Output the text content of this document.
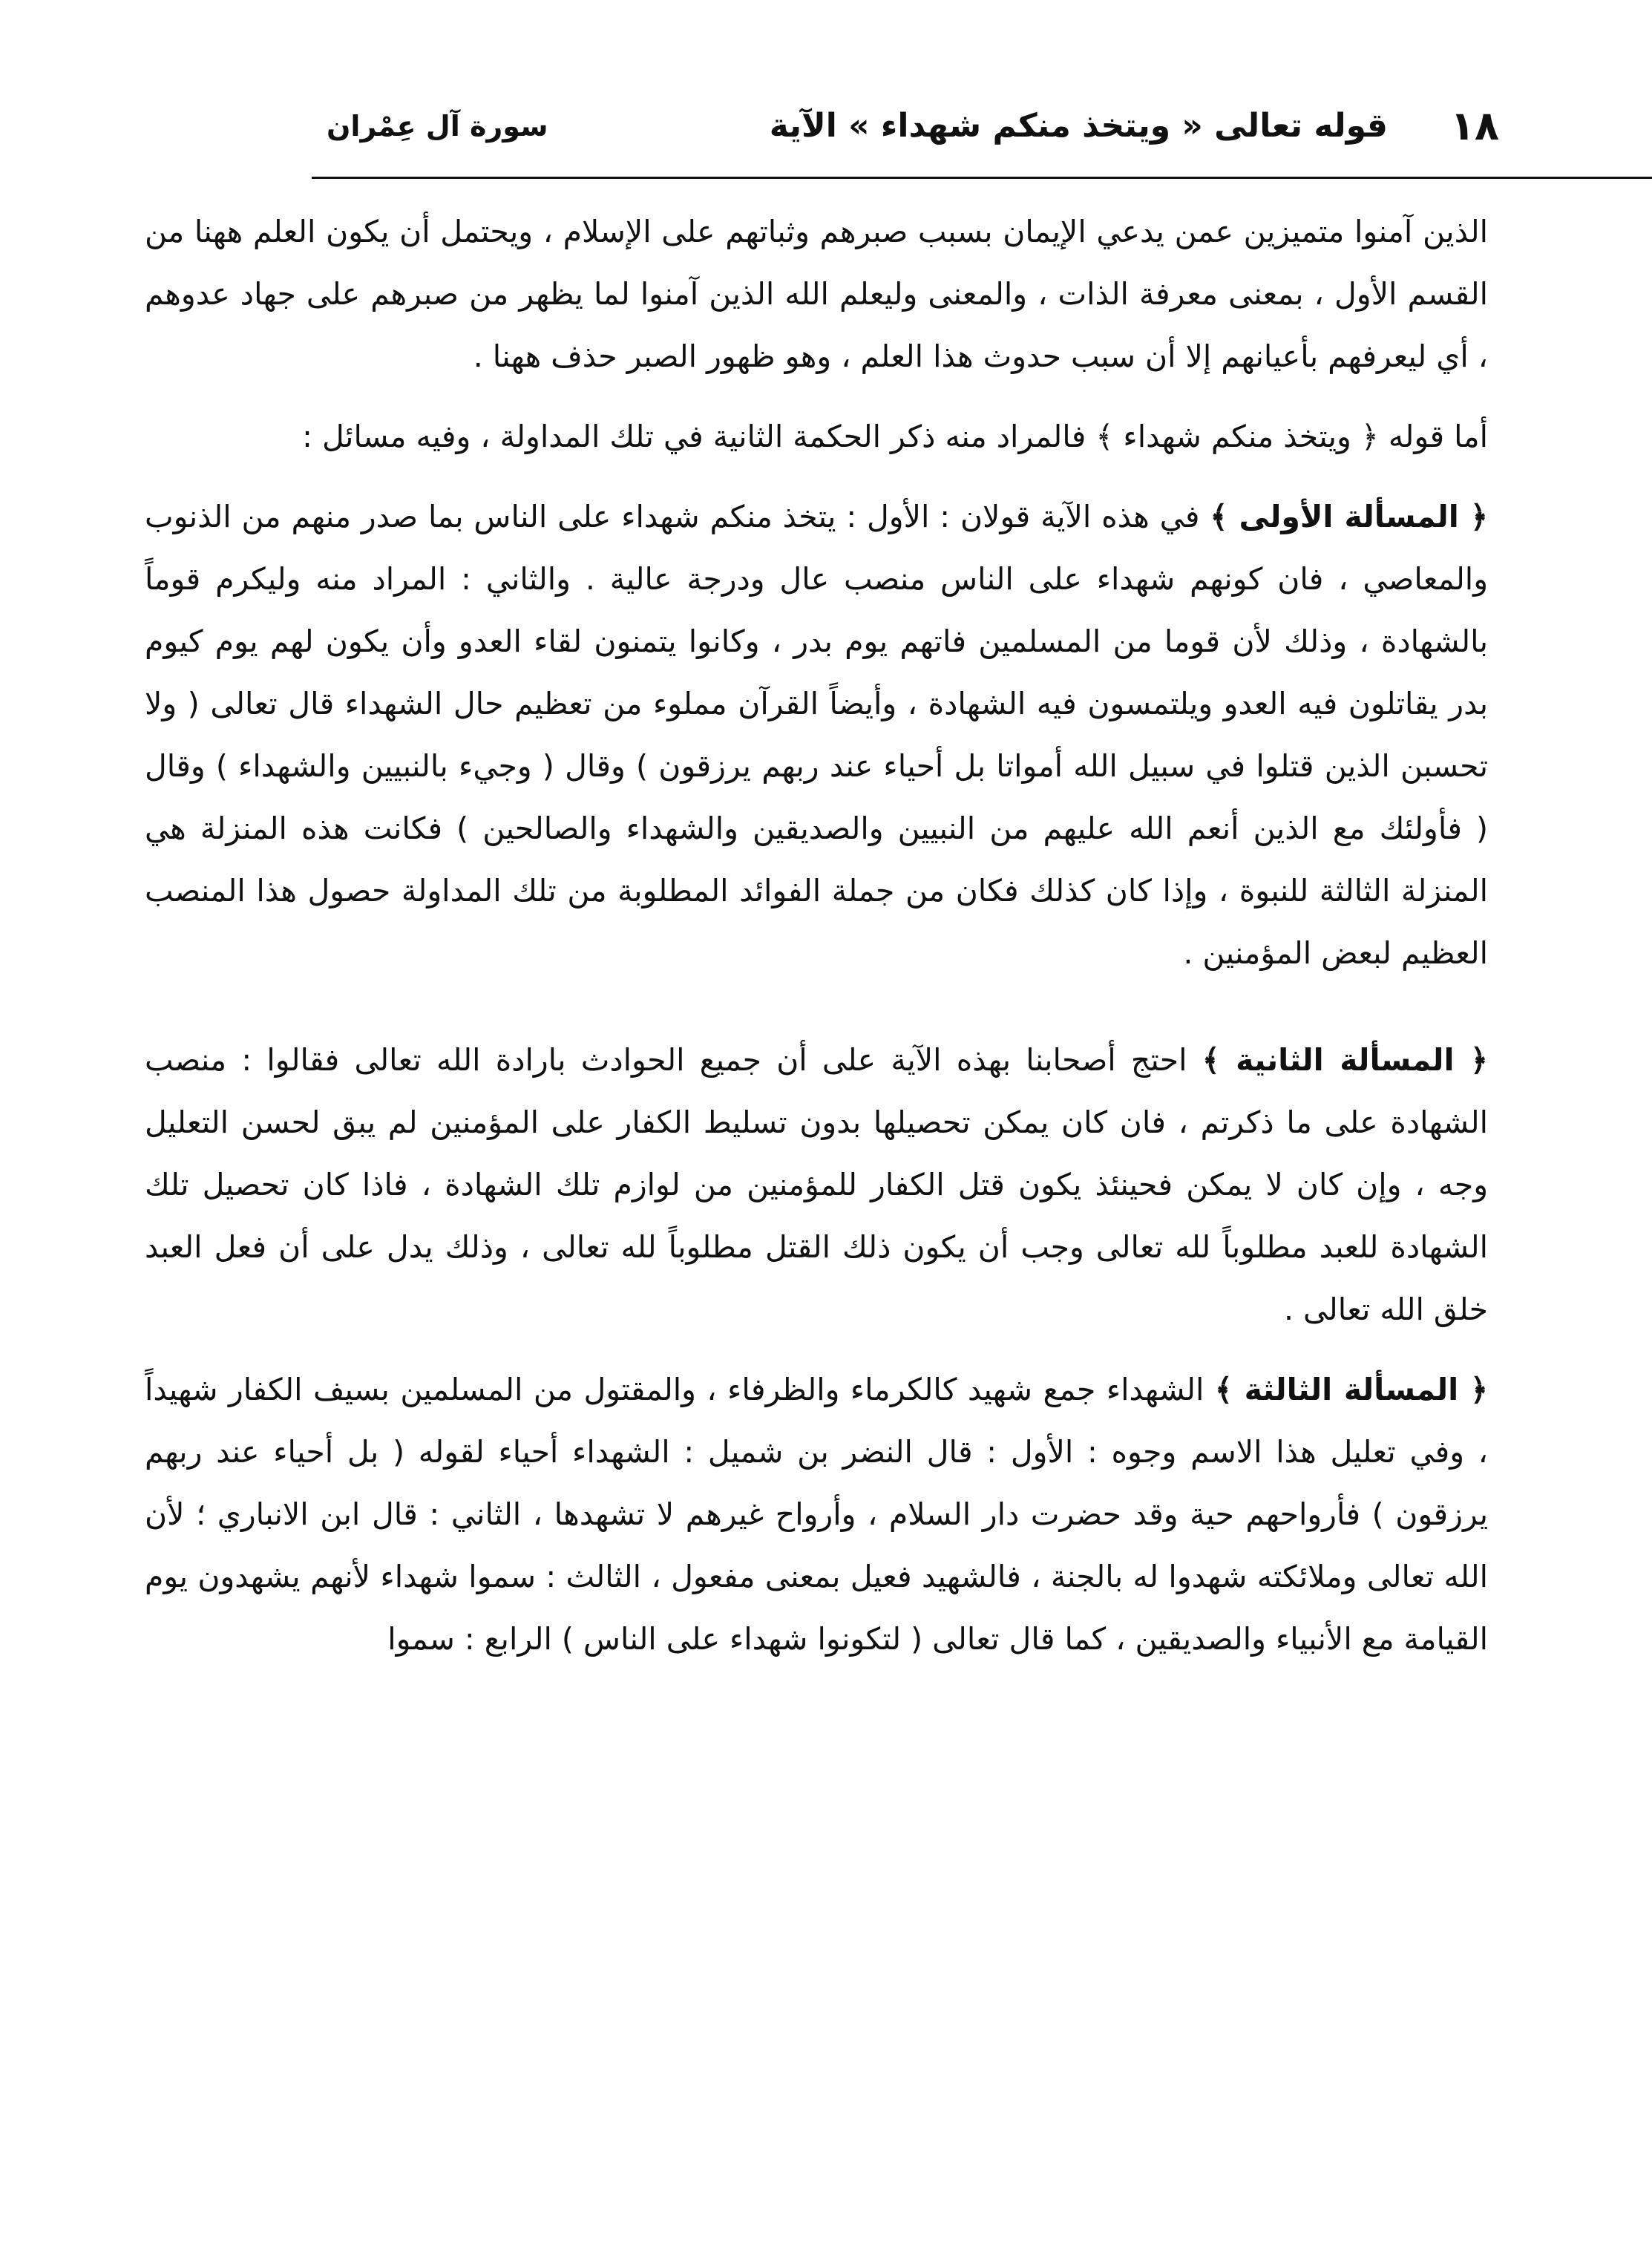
١٨
قوله تعالى « ويتخذ منكم شهداء » الآية
سورة آل عِمْران

الذين آمنوا متميزين عمن يدعي الإيمان بسبب صبرهم وثباتهم على الإسلام ، ويحتمل أن يكون العلم ههنا من القسم الأول ، بمعنى معرفة الذات ، والمعنى وليعلم الله الذين آمنوا لما يظهر من صبرهم على جهاد عدوهم ، أي ليعرفهم بأعيانهم إلا أن سبب حدوث هذا العلم ، وهو ظهور الصبر حذف ههنا .

أما قوله ﴿ ويتخذ منكم شهداء ﴾ فالمراد منه ذكر الحكمة الثانية في تلك المداولة ، وفيه مسائل :

﴿ المسألة الأولى ﴾ في هذه الآية قولان : الأول : يتخذ منكم شهداء على الناس بما صدر منهم من الذنوب والمعاصي ، فان كونهم شهداء على الناس منصب عال ودرجة عالية . والثاني : المراد منه وليكرم قوماً بالشهادة ، وذلك لأن قوما من المسلمين فاتهم يوم بدر ، وكانوا يتمنون لقاء العدو وأن يكون لهم يوم كيوم بدر يقاتلون فيه العدو ويلتمسون فيه الشهادة ، وأيضاً القرآن مملوء من تعظيم حال الشهداء قال تعالى ( ولا تحسبن الذين قتلوا في سبيل الله أمواتا بل أحياء عند ربهم يرزقون ) وقال ( وجيء بالنبيين والشهداء ) وقال ( فأولئك مع الذين أنعم الله عليهم من النبيين والصديقين والشهداء والصالحين ) فكانت هذه المنزلة هي المنزلة الثالثة للنبوة ، وإذا كان كذلك فكان من جملة الفوائد المطلوبة من تلك المداولة حصول هذا المنصب العظيم لبعض المؤمنين .

﴿ المسألة الثانية ﴾ احتج أصحابنا بهذه الآية على أن جميع الحوادث بارادة الله تعالى فقالوا : منصب الشهادة على ما ذكرتم ، فان كان يمكن تحصيلها بدون تسليط الكفار على المؤمنين لم يبق لحسن التعليل وجه ، وإن كان لا يمكن فحينئذ يكون قتل الكفار للمؤمنين من لوازم تلك الشهادة ، فاذا كان تحصيل تلك الشهادة للعبد مطلوباً لله تعالى وجب أن يكون ذلك القتل مطلوباً لله تعالى ، وذلك يدل على أن فعل العبد خلق الله تعالى .

﴿ المسألة الثالثة ﴾ الشهداء جمع شهيد كالكرماء والظرفاء ، والمقتول من المسلمين بسيف الكفار شهيداً ، وفي تعليل هذا الاسم وجوه : الأول : قال النضر بن شميل : الشهداء أحياء لقوله ( بل أحياء عند ربهم يرزقون ) فأرواحهم حية وقد حضرت دار السلام ، وأرواح غيرهم لا تشهدها ، الثاني : قال ابن الانباري ؛ لأن الله تعالى وملائكته شهدوا له بالجنة ، فالشهيد فعيل بمعنى مفعول ، الثالث : سموا شهداء لأنهم يشهدون يوم القيامة مع الأنبياء والصديقين ، كما قال تعالى ( لتكونوا شهداء على الناس ) الرابع : سموا
